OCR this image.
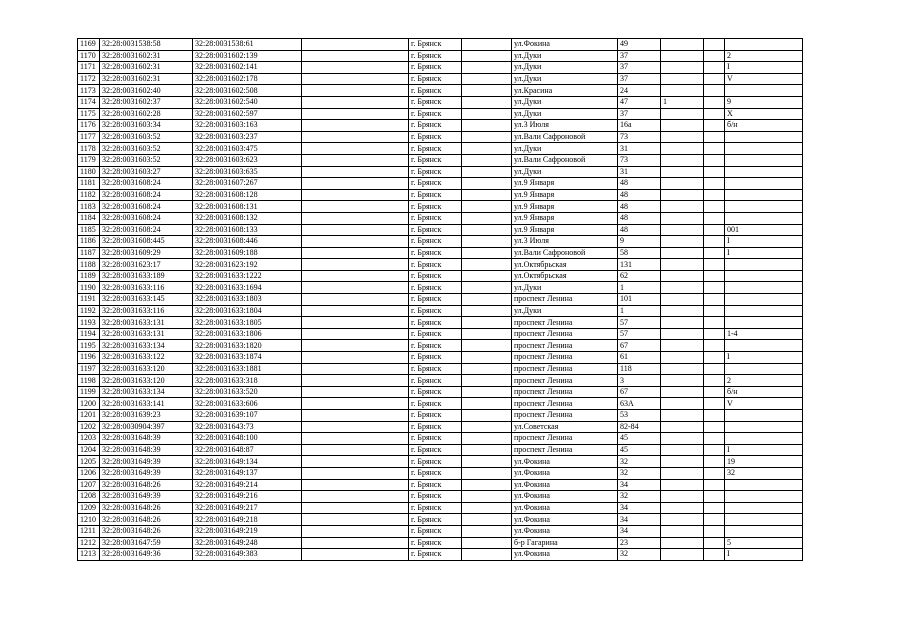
1169	32:28:0031538:58	32:28:0031538:61		г. Брянск		ул.Фокина	49			
1170	32:28:0031602:31	32:28:0031602:139		г. Брянск		ул.Дуки	37			2
1171	32:28:0031602:31	32:28:0031602:141		г. Брянск		ул.Дуки	37			I
1172	32:28:0031602:31	32:28:0031602:178		г. Брянск		ул.Дуки	37			V
1173	32:28:0031602:40	32:28:0031602:508		г. Брянск		ул.Красина	24			
1174	32:28:0031602:37	32:28:0031602:540		г. Брянск		ул.Дуки	47	1		9
1175	32:28:0031602:28	32:28:0031602:597		г. Брянск		ул.Дуки	37			X
1176	32:28:0031603:34	32:28:0031603:163		г. Брянск		ул.3 Июля	16а			б/н
1177	32:28:0031603:52	32:28:0031603:237		г. Брянск		ул.Вали Сафроновой	73			
1178	32:28:0031603:52	32:28:0031603:475		г. Брянск		ул.Дуки	31			
1179	32:28:0031603:52	32:28:0031603:623		г. Брянск		ул.Вали Сафроновой	73			
1180	32:28:0031603:27	32:28:0031603:635		г. Брянск		ул.Дуки	31			
1181	32:28:0031608:24	32:28:0031607:267		г. Брянск		ул.9 Января	48			
1182	32:28:0031608:24	32:28:0031608:128		г. Брянск		ул.9 Января	48			
1183	32:28:0031608:24	32:28:0031608:131		г. Брянск		ул.9 Января	48			
1184	32:28:0031608:24	32:28:0031608:132		г. Брянск		ул.9 Января	48			
1185	32:28:0031608:24	32:28:0031608:133		г. Брянск		ул.9 Января	48			001
1186	32:28:0031608:445	32:28:0031608:446		г. Брянск		ул.3 Июля	9			I
1187	32:28:0031609:29	32:28:0031609:188		г. Брянск		ул.Вали Сафроновой	58			I
1188	32:28:0031623:17	32:28:0031623:192		г. Брянск		ул.Октябрьская	131			
1189	32:28:0031633:189	32:28:0031633:1222		г. Брянск		ул.Октябрьская	62			
1190	32:28:0031633:116	32:28:0031633:1694		г. Брянск		ул.Дуки	1			
1191	32:28:0031633:145	32:28:0031633:1803		г. Брянск		проспект Ленина	101			
1192	32:28:0031633:116	32:28:0031633:1804		г. Брянск		ул.Дуки	1			
1193	32:28:0031633:131	32:28:0031633:1805		г. Брянск		проспект Ленина	57			
1194	32:28:0031633:131	32:28:0031633:1806		г. Брянск		проспект Ленина	57			1-4
1195	32:28:0031633:134	32:28:0031633:1820		г. Брянск		проспект Ленина	67			
1196	32:28:0031633:122	32:28:0031633:1874		г. Брянск		проспект Ленина	61			I
1197	32:28:0031633:120	32:28:0031633:1881		г. Брянск		проспект Ленина	118			
1198	32:28:0031633:120	32:28:0031633:318		г. Брянск		проспект Ленина	3			2
1199	32:28:0031633:134	32:28:0031633:520		г. Брянск		проспект Ленина	67			б/н
1200	32:28:0031633:141	32:28:0031633:606		г. Брянск		проспект Ленина	63А			V
1201	32:28:0031639:23	32:28:0031639:107		г. Брянск		проспект Ленина	53			
1202	32:28:0030904:397	32:28:0031643:73		г. Брянск		ул.Советская	82-84			
1203	32:28:0031648:39	32:28:0031648:100		г. Брянск		проспект Ленина	45			
1204	32:28:0031648:39	32:28:0031648:87		г. Брянск		проспект Ленина	45			I
1205	32:28:0031649:39	32:28:0031649:134		г. Брянск		ул.Фокина	32			19
1206	32:28:0031649:39	32:28:0031649:137		г. Брянск		ул.Фокина	32			32
1207	32:28:0031648:26	32:28:0031649:214		г. Брянск		ул.Фокина	34			
1208	32:28:0031649:39	32:28:0031649:216		г. Брянск		ул.Фокина	32			
1209	32:28:0031648:26	32:28:0031649:217		г. Брянск		ул.Фокина	34			
1210	32:28:0031648:26	32:28:0031649:218		г. Брянск		ул.Фокина	34			
1211	32:28:0031648:26	32:28:0031649:219		г. Брянск		ул.Фокина	34			
1212	32:28:0031647:59	32:28:0031649:248		г. Брянск		б-р Гагарина	23			5
1213	32:28:0031649:36	32:28:0031649:383		г. Брянск		ул.Фокина	32			I
